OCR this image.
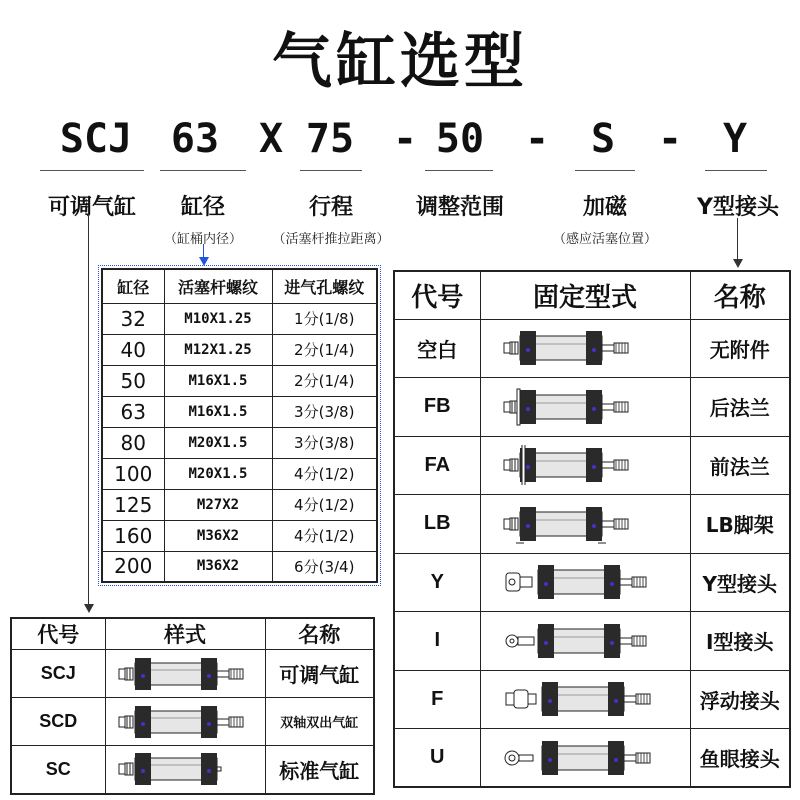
气缸选型
SCJ 63 X 75 - 50 - S - Y
可调气缸	缸径
（缸桶内径）
行程
（活塞杆推拉距离）
调整范围	加磁
（感应活塞位置）
Y型接头
缸径	活塞杆螺纹	进气孔螺纹
32	M10X1.25	1分(1/8)
40	M12X1.25	2分(1/4)
50	M16X1.5	2分(1/4)
63	M16X1.5	3分(3/8)
80	M20X1.5	3分(3/8)
100	M20X1.5	4分(1/2)
125	M27X2	4分(1/2)
160	M36X2	4分(1/2)
200	M36X2	6分(3/4)
代号	固定型式	名称
空白		无附件
FB		后法兰
FA		前法兰
LB		LB脚架
Y		Y型接头
I		I型接头
F		浮动接头
U		鱼眼接头
代号	样式	名称
SCJ		可调气缸
SCD		双轴双出气缸
SC		标准气缸
